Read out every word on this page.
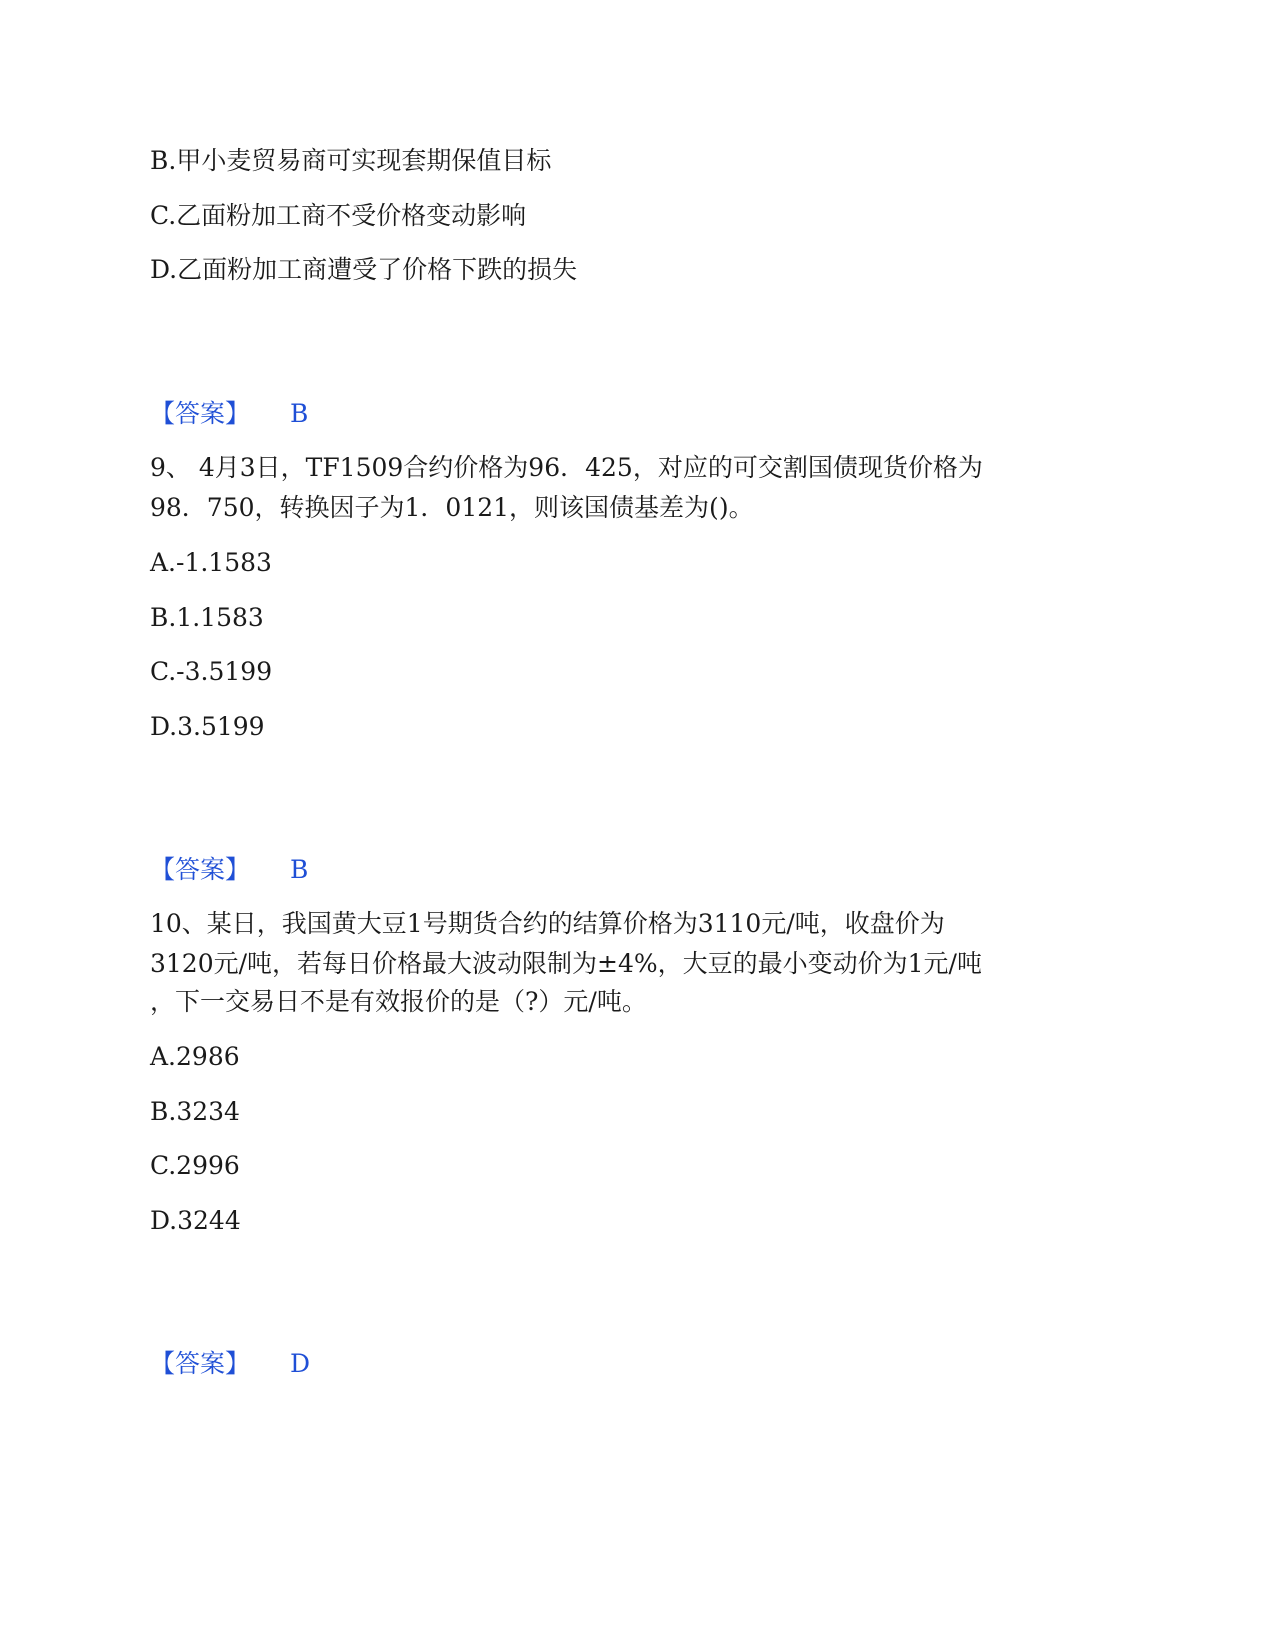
B.甲小麦贸易商可实现套期保值目标
C.乙面粉加工商不受价格变动影响
D.乙面粉加工商遭受了价格下跌的损失
【答案】 B
9、 4月3日，TF1509合约价格为96．425，对应的可交割国债现货价格为
98．750，转换因子为1．0121，则该国债基差为()。
A.-1.1583
B.1.1583
C.-3.5199
D.3.5199
【答案】 B
10、某日，我国黄大豆1号期货合约的结算价格为3110元/吨，收盘价为
3120元/吨，若每日价格最大波动限制为±4%，大豆的最小变动价为1元/吨
，下一交易日不是有效报价的是（?）元/吨。
A.2986
B.3234
C.2996
D.3244
【答案】 D
